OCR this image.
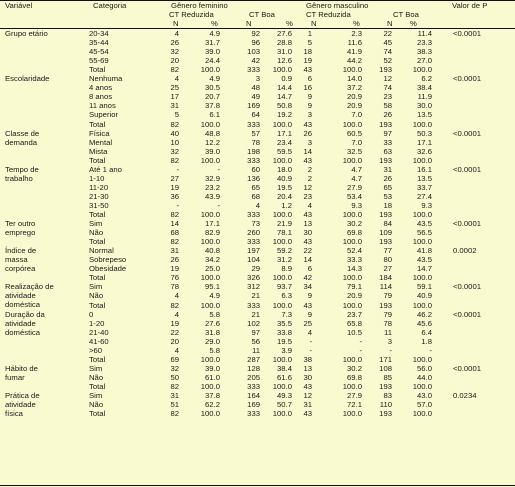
Variável	Categoria	Gênero feminino	Gênero masculino	Valor de P
CT Reduzida	CT Boa	CT Reduzida	CT Boa
N	%	N	% N	%	N %
Grupo etário	<0.0001
20-34	4	4.9	92	27.6	1	2.3	22	11.4
35-44	26	31.7	96	28.8	5	11.6	45	23.3
45-54	32	39.0	103	31.0	18	41.9	74	38.3
55-69	20	24.4	42	12.6	19	44.2	52	27.0
Total	82	100.0	333	100.0	43	100.0	193	100.0
Escolaridade	<0.0001
Nenhuma	4	4.9	3	0.9	6	14.0	12	6.2
4 anos	25	30.5	48	14.4	16	37.2	74	38.4
8 anos	17	20.7	49	14.7	9	20.9	23	11.9
11 anos	31	37.8	169	50.8	9	20.9	58	30.0
Superior	5	6.1	64	19.2	3	7.0	26	13.5
Total	82	100.0	333	100.0	43	100.0	193	100.0
Classe de
demanda
<0.0001
Física	40	48.8	57	17.1	26	60.5	97	50.3
Mental	10	12.2	78	23.4	3	7.0	33	17.1
Mista	32	39.0	198	59.5	14	32.5	63	32.6
Total	82	100.0	333	100.0	43	100.0	193	100.0
Tempo de
trabalho
<0.0001
Até 1 ano	-	-	60	18.0	2	4.7	31	16.1
1-10	27	32.9	136	40.9	2	4.7	26	13.5
11-20	19	23.2	65	19.5	12	27.9	65	33.7
21-30	36	43.9	68	20.4	23	53.4	53	27.4
31-50	-	-	4	1.2	4	9.3	18	9.3
Total	82	100.0	333	100.0	43	100.0	193	100.0
Ter outro
emprego
<0.0001
Sim	14	17.1	73	21.9	13	30.2	84	43.5
Não	68	82.9	260	78.1	30	69.8	109	56.5
Total	82	100.0	333	100.0	43	100.0	193	100.0
Índice de
massa
corpórea
0.0002
Normal	31	40.8	197	59.2	22	52.4	77	41.8
Sobrepeso	26	34.2	104	31.2	14	33.3	80	43.5
Obesidade	19	25.0	29	8.9	6	14.3	27	14.7
Total	76	100.0	326	100.0	42	100.0	184	100.0
Realização de
atividade
doméstica
<0.0001
Sim	78	95.1	312	93.7	34	79.1	114	59.1
Não	4	4.9	21	6.3	9	20.9	79	40.9
Total	82	100.0	333	100.0	43	100.0	193	100.0
Duração da
atividade
doméstica
<0.0001
0	4	5.8	21	7.3	9	23.7	79	46.2
1-20	19	27.6	102	35.5	25	65.8	78	45.6
21-40	22	31.8	97	33.8	4	10.5	11	6.4
41-60	20	29.0	56	19.5	-	-	3	1.8
>60	4	5.8	11	3.9	-	-	-	-
Total	69	100.0	287	100.0	38	100.0	171	100.0
Hábito de
fumar
<0.0001
Sim	32	39.0	128	38.4	13	30.2	108	56.0
Não	50	61.0	205	61.6	30	69.8	85	44.0
Total	82	100.0	333	100.0	43	100.0	193	100.0
Prática de
atividade
física
0.0234
Sim	31	37.8	164	49.3	12	27.9	83	43.0
Não	51	62.2	169	50.7	31	72.1	110	57.0
Total	82	100.0	333	100.0	43	100.0	193	100.0
